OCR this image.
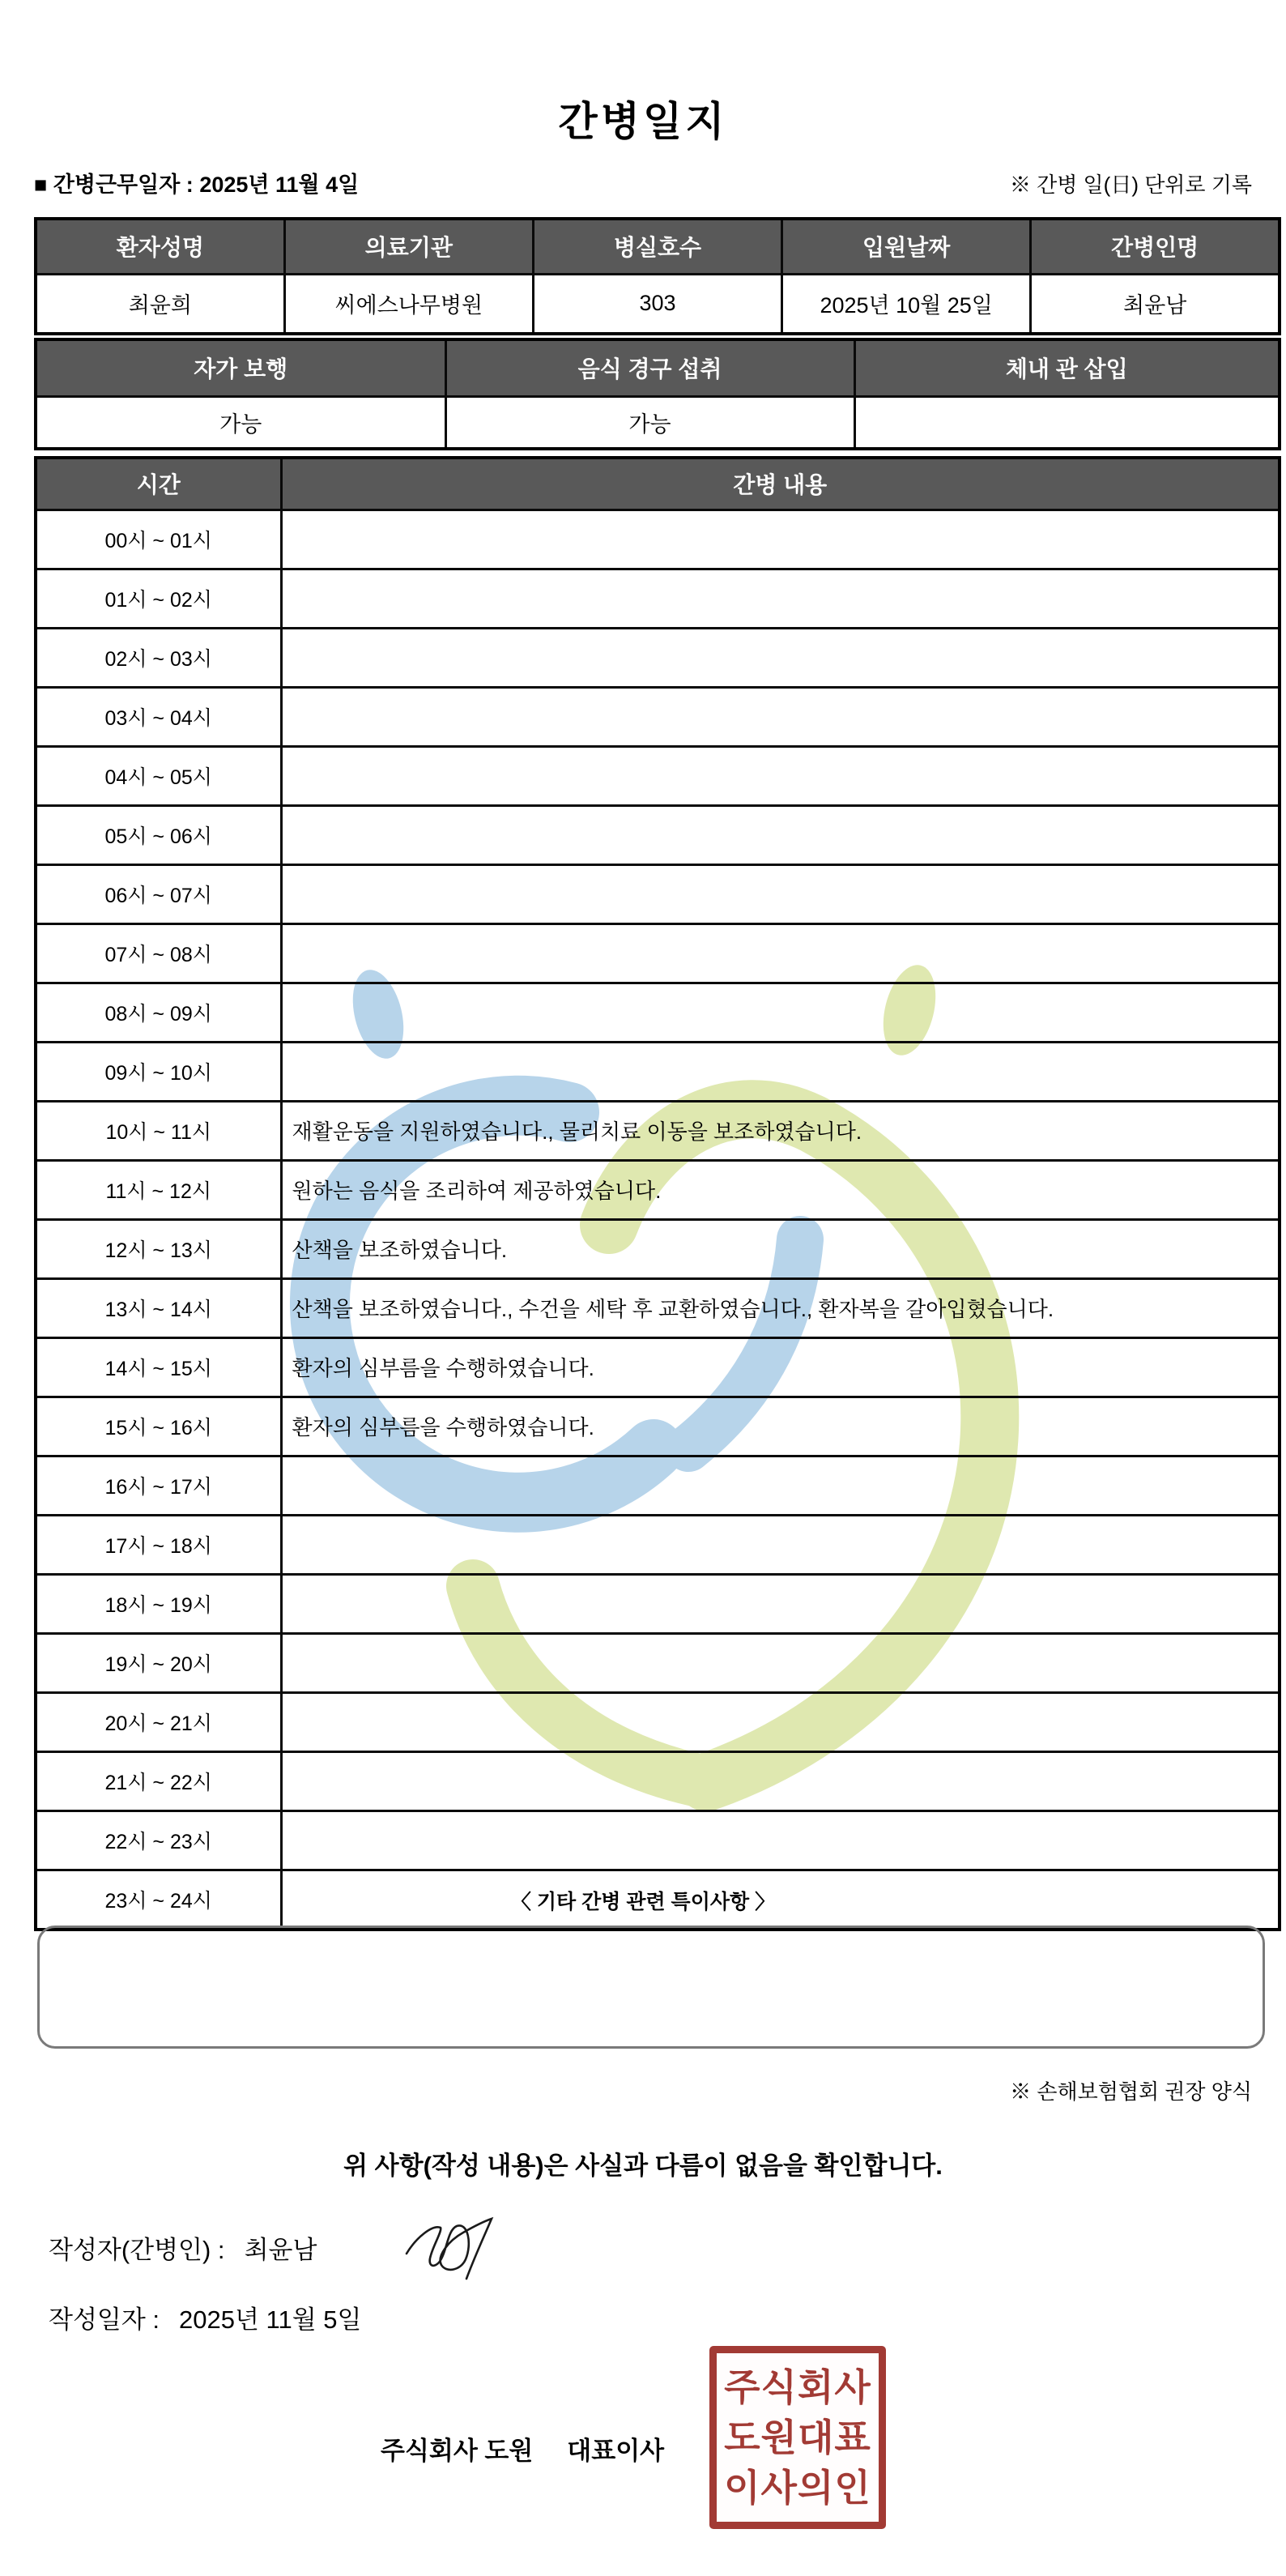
간병일지
■ 간병근무일자 : 2025년 11월 4일	※ 간병 일(日) 단위로 기록
환자성명	의료기관	병실호수	입원날짜	간병인명
최윤희	씨에스나무병원	303	2025년 10월 25일	최윤남
자가 보행	음식 경구 섭취	체내 관 삽입
가능	가능	
시간	간병 내용
00시 ~ 01시	
01시 ~ 02시	
02시 ~ 03시	
03시 ~ 04시	
04시 ~ 05시	
05시 ~ 06시	
06시 ~ 07시	
07시 ~ 08시	
08시 ~ 09시	
09시 ~ 10시	
10시 ~ 11시	재활운동을 지원하였습니다., 물리치료 이동을 보조하였습니다.
11시 ~ 12시	원하는 음식을 조리하여 제공하였습니다.
12시 ~ 13시	산책을 보조하였습니다.
13시 ~ 14시	산책을 보조하였습니다., 수건을 세탁 후 교환하였습니다., 환자복을 갈아입혔습니다.
14시 ~ 15시	환자의 심부름을 수행하였습니다.
15시 ~ 16시	환자의 심부름을 수행하였습니다.
16시 ~ 17시	
17시 ~ 18시	
18시 ~ 19시	
19시 ~ 20시	
20시 ~ 21시	
21시 ~ 22시	
22시 ~ 23시	
23시 ~ 24시		〈 기타 간병 관련 특이사항 〉
※ 손해보험협회 권장 양식
위 사항(작성 내용)은 사실과 다름이 없음을 확인합니다.
작성자(간병인) : 최윤남
작성일자 : 2025년 11월 5일
주식회사 도원 대표이사
주식회사
도원대표
이사의인
